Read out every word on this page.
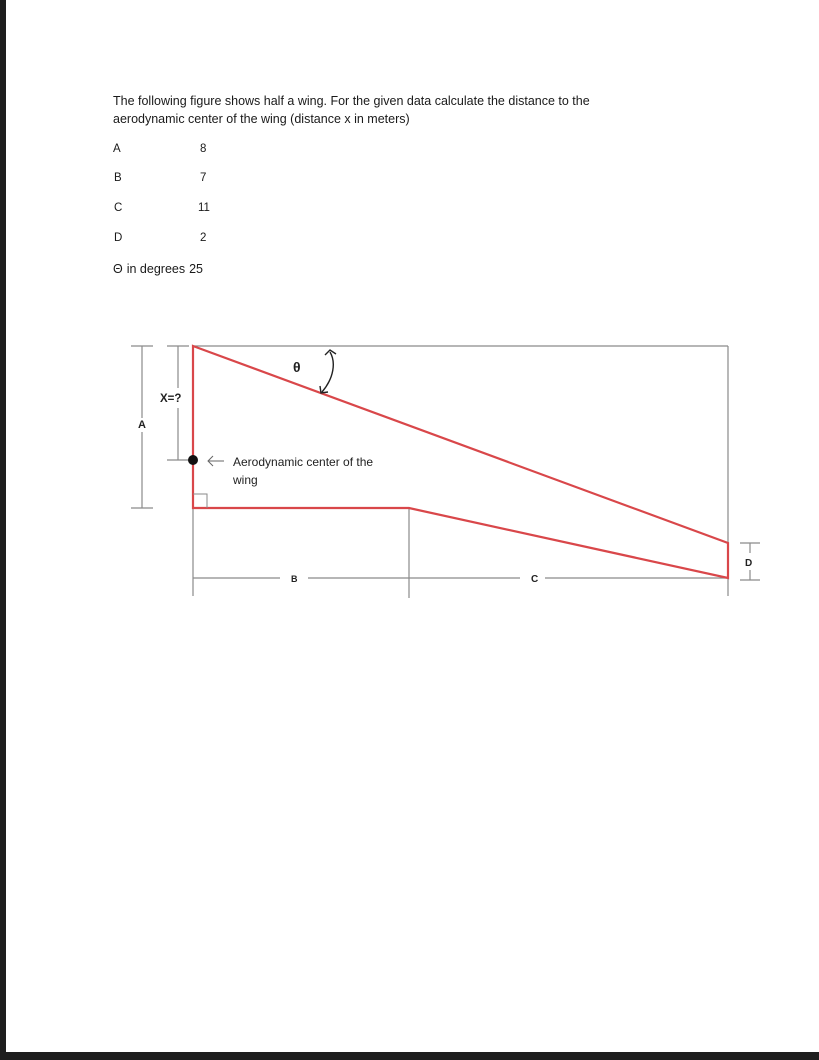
The following figure shows half a wing. For the given data calculate the distance to the
aerodynamic center of the wing (distance x in meters)
A	8
B	7
C	11
D	2
Θ in degrees 25
A
X=?
B	C
D
Aerodynamic center of the
wing
θ
